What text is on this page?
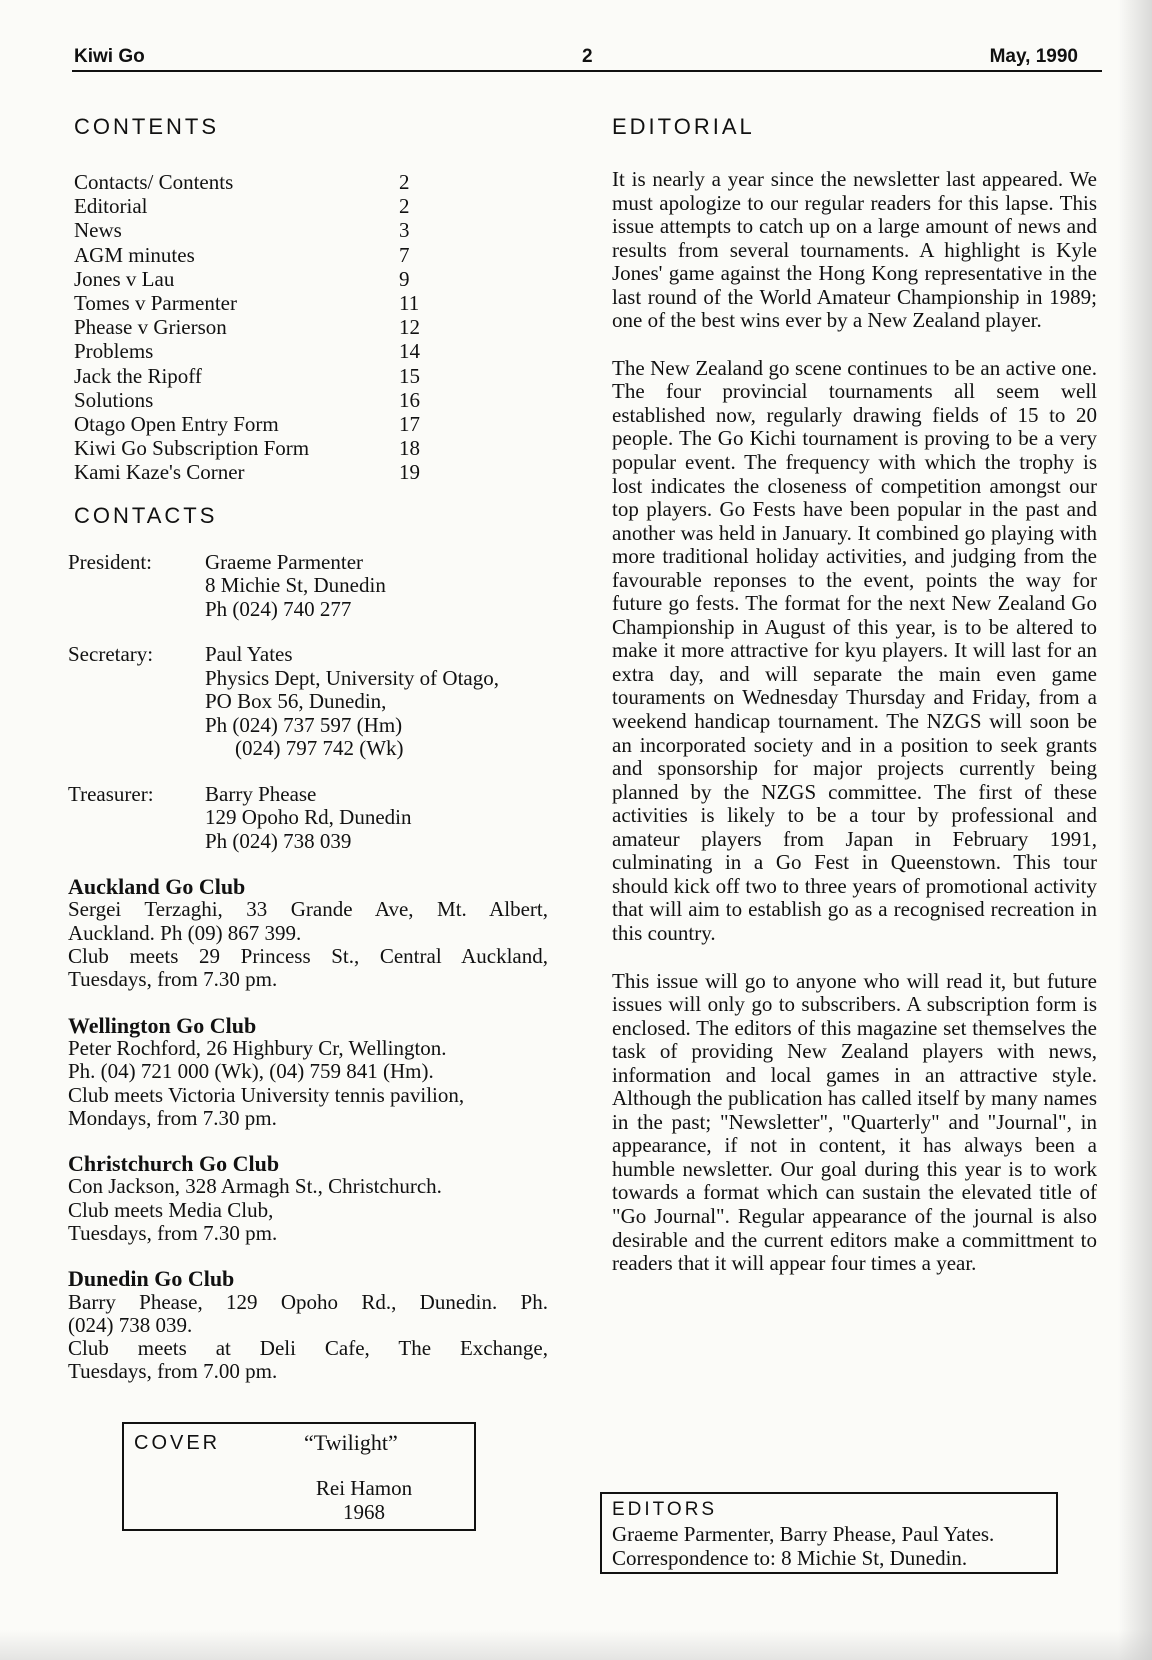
Kiwi Go	2	May, 1990
CONTENTS
Contacts/ Contents	2
Editorial	2
News	3
AGM minutes	7
Jones v Lau	9
Tomes v Parmenter	11
Phease v Grierson	12
Problems	14
Jack the Ripoff	15
Solutions	16
Otago Open Entry Form	17
Kiwi Go Subscription Form	18
Kami Kaze's Corner	19
CONTACTS
President:	Graeme Parmenter
8 Michie St, Dunedin
Ph (024) 740 277
Secretary:	Paul Yates
Physics Dept, University of Otago,
PO Box 56, Dunedin,
Ph (024) 737 597 (Hm)
(024) 797 742 (Wk)
Treasurer:	Barry Phease
129 Opoho Rd, Dunedin
Ph (024) 738 039
Auckland Go Club
Sergei Terzaghi, 33 Grande Ave, Mt. Albert,
Auckland. Ph (09) 867 399.
Club meets 29 Princess St., Central Auckland,
Tuesdays, from 7.30 pm.
Wellington Go Club
Peter Rochford, 26 Highbury Cr, Wellington.
Ph. (04) 721 000 (Wk), (04) 759 841 (Hm).
Club meets Victoria University tennis pavilion,
Mondays, from 7.30 pm.
Christchurch Go Club
Con Jackson, 328 Armagh St., Christchurch.
Club meets Media Club,
Tuesdays, from 7.30 pm.
Dunedin Go Club
Barry Phease, 129 Opoho Rd., Dunedin. Ph.
(024) 738 039.
Club meets at Deli Cafe, The Exchange,
Tuesdays, from 7.00 pm.
COVER	“Twilight”
Rei Hamon
1968
EDITORIAL

It is nearly a year since the newsletter last appeared. We must apologize to our regular readers for this lapse. This issue attempts to catch up on a large amount of news and results from several tournaments. A highlight is Kyle Jones' game against the Hong Kong representative in the last round of the World Amateur Championship in 1989; one of the best wins ever by a New Zealand player.

The New Zealand go scene continues to be an active one. The four provincial tournaments all seem well established now, regularly drawing fields of 15 to 20 people. The Go Kichi tournament is proving to be a very popular event. The frequency with which the trophy is lost indicates the closeness of competition amongst our top players. Go Fests have been popular in the past and another was held in January. It combined go playing with more traditional holiday activities, and judging from the favourable reponses to the event, points the way for future go fests. The format for the next New Zealand Go Championship in August of this year, is to be altered to make it more attractive for kyu players. It will last for an extra day, and will separate the main even game touraments on Wednesday Thursday and Friday, from a weekend handicap tournament. The NZGS will soon be an incorporated society and in a position to seek grants and sponsorship for major projects currently being planned by the NZGS committee. The first of these activities is likely to be a tour by professional and amateur players from Japan in February 1991, culminating in a Go Fest in Queenstown. This tour should kick off two to three years of promotional activity that will aim to establish go as a recognised recreation in this country.

This issue will go to anyone who will read it, but future issues will only go to subscribers. A subscription form is enclosed. The editors of this magazine set themselves the task of providing New Zealand players with news, information and local games in an attractive style. Although the publication has called itself by many names in the past; "Newsletter", "Quarterly" and "Journal", in appearance, if not in content, it has always been a humble newsletter. Our goal during this year is to work towards a format which can sustain the elevated title of "Go Journal". Regular appearance of the journal is also desirable and the current editors make a committment to readers that it will appear four times a year.

EDITORS
Graeme Parmenter, Barry Phease, Paul Yates.
Correspondence to: 8 Michie St, Dunedin.
